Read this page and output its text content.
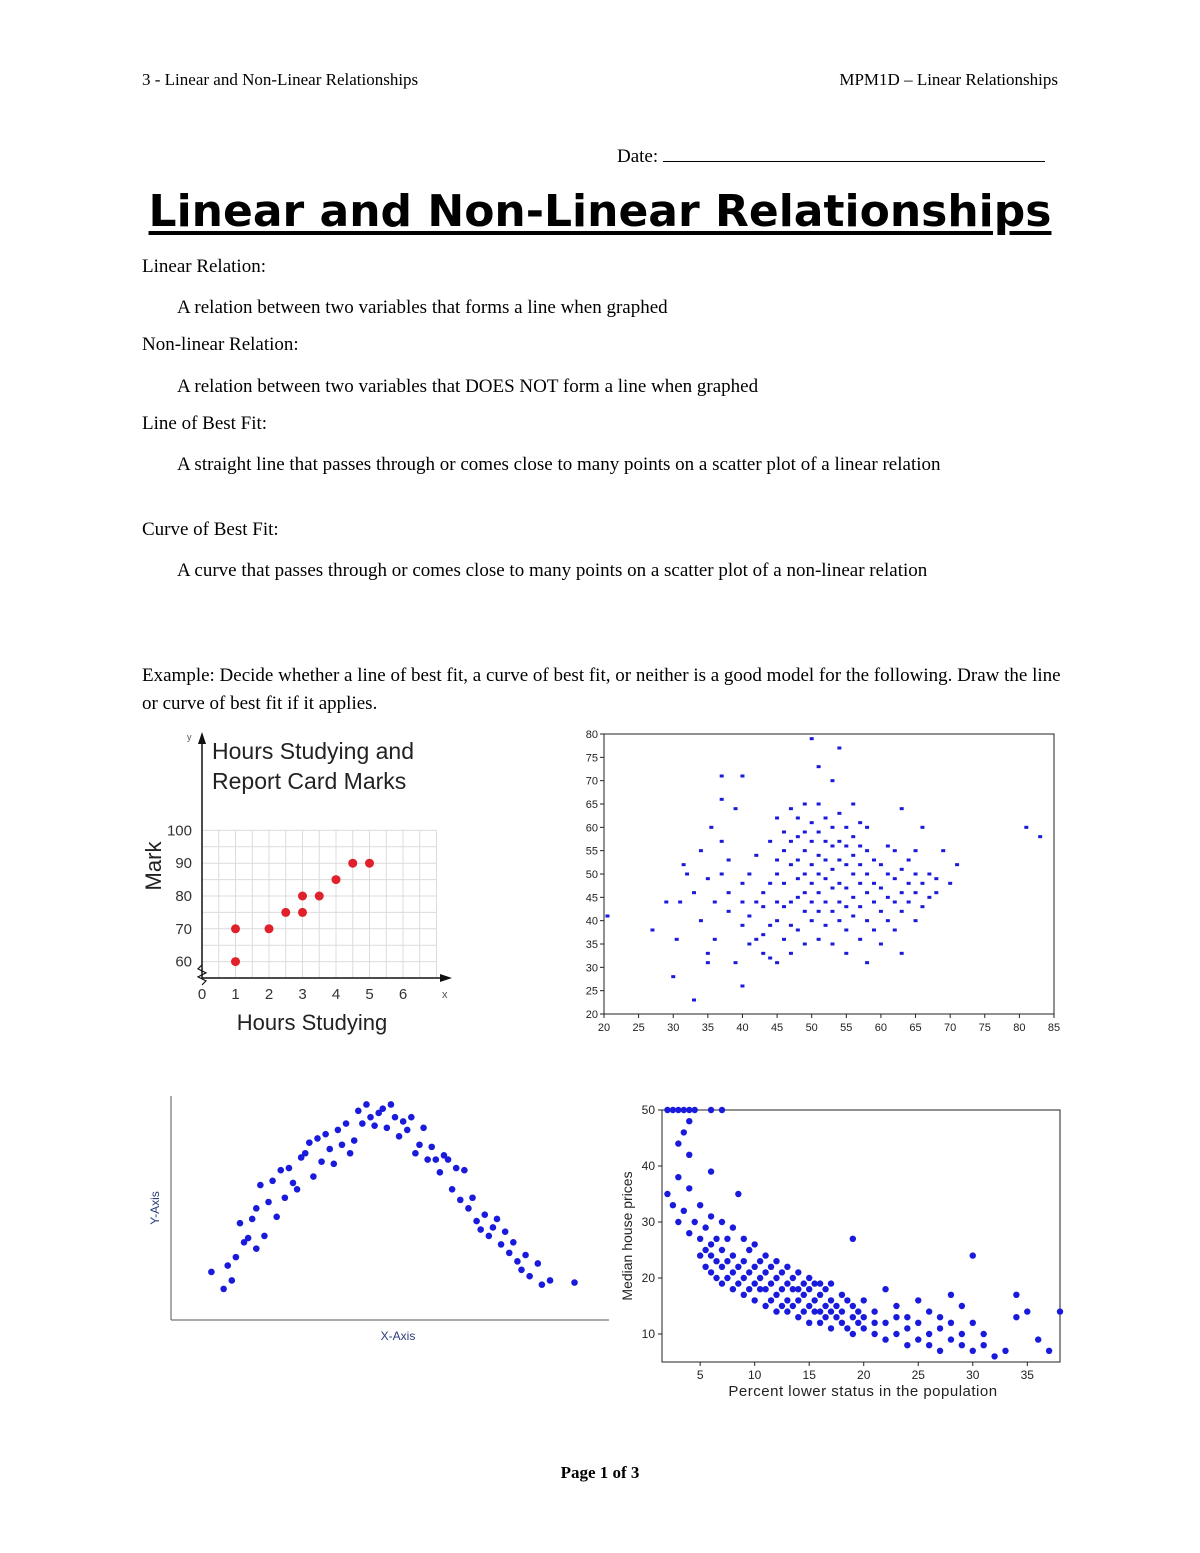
3 - Linear and Non-Linear Relationships	MPM1D – Linear Relationships
Date:
Linear and Non-Linear Relationships
Linear Relation:
A relation between two variables that forms a line when graphed
Non-linear Relation:
A relation between two variables that DOES NOT form a line when graphed
Line of Best Fit:
A straight line that passes through or comes close to many points on a scatter plot of a linear relation
Curve of Best Fit:
A curve that passes through or comes close to many points on a scatter plot of a non-linear relation
Example: Decide whether a line of best fit, a curve of best fit, or neither is a good model for the following. Draw the line or curve of best fit if it applies.
Hours Studying and
Report Card Marks
Hours Studying
Mark
y
x
60
70
80
90
100
0 1 2 3 4 5 6
20
25
30
35
40
45
50
55
60
65
70
75
80
20 25 30 35 40 45 50 55 60 65 70 75 80 85
X-Axis
Y-Axis
10
20
30
40
50
5	10	15	20	25	30	35
Percent lower status in the population
Median house prices
Page 1 of 3
